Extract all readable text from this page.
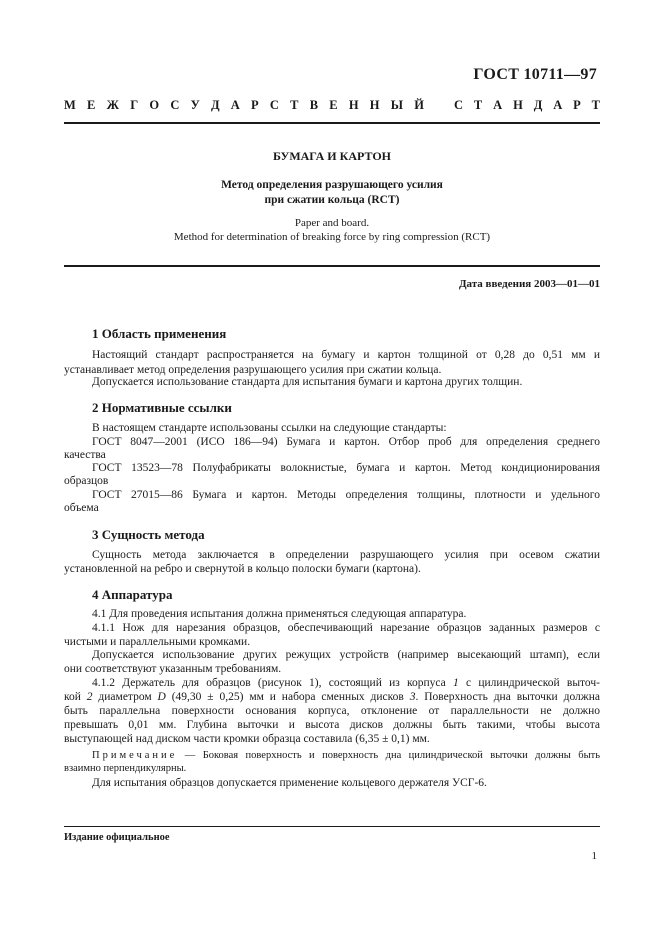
ГОСТ 10711—97
М Е Ж Г О С У Д А Р С Т В Е Н Н Ы Й С Т А Н Д А Р Т
БУМАГА И КАРТОН
Метод определения разрушающего усилия
при сжатии кольца (RCT)
Paper and board.
Method for determination of breaking force by ring compression (RCT)
Дата введения 2003—01—01
1 Область применения

Настоящий стандарт распространяется на бумагу и картон толщиной от 0,28 до 0,51 мм и

устанавливает метод определения разрушающего усилия при сжатии кольца.

Допускается использование стандарта для испытания бумаги и картона других толщин.

2 Нормативные ссылки

В настоящем стандарте использованы ссылки на следующие стандарты:

ГОСТ 8047—2001 (ИСО 186—94) Бумага и картон. Отбор проб для определения среднего

качества

ГОСТ 13523—78 Полуфабрикаты волокнистые, бумага и картон. Метод кондиционирования

образцов

ГОСТ 27015—86 Бумага и картон. Методы определения толщины, плотности и удельного

объема

3 Сущность метода

Сущность метода заключается в определении разрушающего усилия при осевом сжатии

установленной на ребро и свернутой в кольцо полоски бумаги (картона).

4 Аппаратура

4.1 Для проведения испытания должна применяться следующая аппаратура.

4.1.1 Нож для нарезания образцов, обеспечивающий нарезание образцов заданных размеров с

чистыми и параллельными кромками.

Допускается использование других режущих устройств (например высекающий штамп), если

они соответствуют указанным требованиям.

4.1.2 Держатель для образцов (рисунок 1), состоящий из корпуса 1 с цилиндрической выточ-

кой 2 диаметром D (49,30 ± 0,25) мм и набора сменных дисков 3. Поверхность дна выточки должна

быть параллельна поверхности основания корпуса, отклонение от параллельности не должно

превышать 0,01 мм. Глубина выточки и высота дисков должны быть такими, чтобы высота

выступающей над диском части кромки образца составила (6,35 ± 0,1) мм.

Примечание — Боковая поверхность и поверхность дна цилиндрической выточки должны быть
взаимно перпендикулярны.

Для испытания образцов допускается применение кольцевого держателя УСГ-6.

Издание официальное
1
